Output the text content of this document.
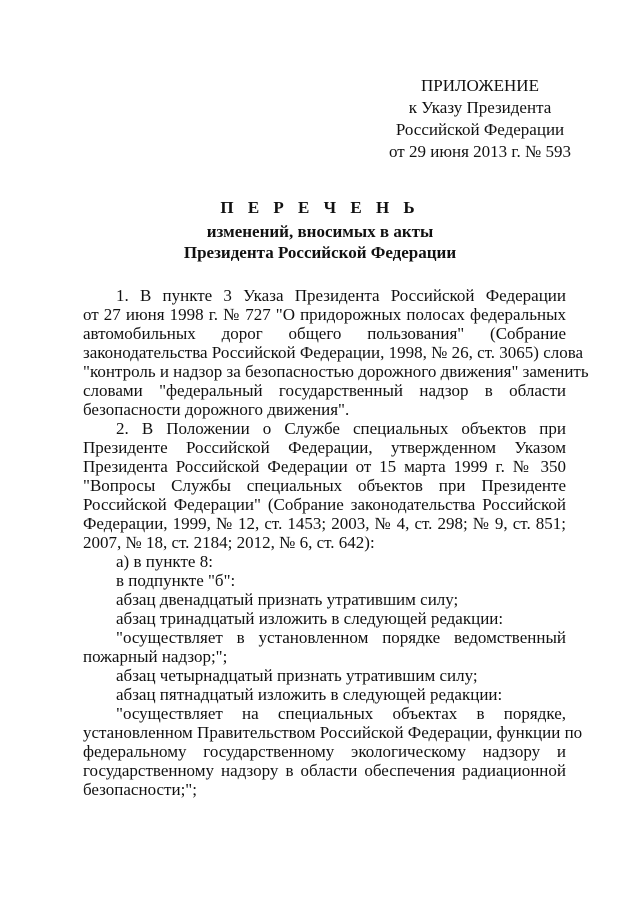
ПРИЛОЖЕНИЕ
к Указу Президента
Российской Федерации
от 29 июня 2013 г. № 593
П Е Р Е Ч Е Н Ь
изменений, вносимых в акты
Президента Российской Федерации
1. В пункте 3 Указа Президента Российской Федерации
от 27 июня 1998 г. № 727 "О придорожных полосах федеральных
автомобильных дорог общего пользования" (Собрание
законодательства Российской Федерации, 1998, № 26, ст. 3065) слова
"контроль и надзор за безопасностью дорожного движения" заменить
словами "федеральный государственный надзор в области
безопасности дорожного движения".
2. В Положении о Службе специальных объектов при
Президенте Российской Федерации, утвержденном Указом
Президента Российской Федерации от 15 марта 1999 г. № 350
"Вопросы Службы специальных объектов при Президенте
Российской Федерации" (Собрание законодательства Российской
Федерации, 1999, № 12, ст. 1453; 2003, № 4, ст. 298; № 9, ст. 851;
2007, № 18, ст. 2184; 2012, № 6, ст. 642):
а) в пункте 8:
в подпункте "б":
абзац двенадцатый признать утратившим силу;
абзац тринадцатый изложить в следующей редакции:
"осуществляет в установленном порядке ведомственный
пожарный надзор;";
абзац четырнадцатый признать утратившим силу;
абзац пятнадцатый изложить в следующей редакции:
"осуществляет на специальных объектах в порядке,
установленном Правительством Российской Федерации, функции по
федеральному государственному экологическому надзору и
государственному надзору в области обеспечения радиационной
безопасности;";
